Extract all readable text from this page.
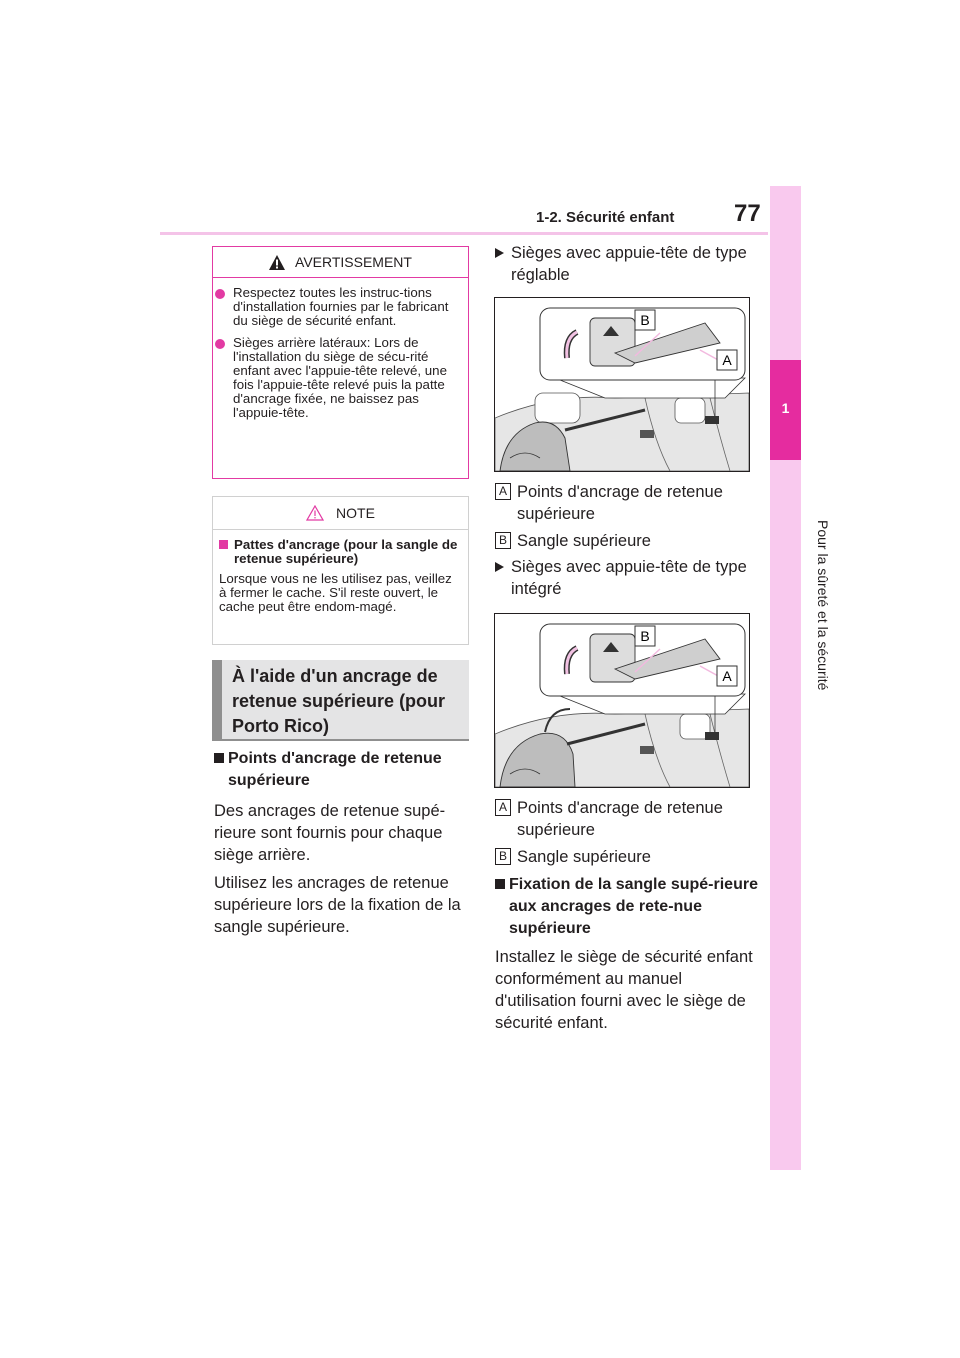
1-2. Sécurité enfant 77
1
Pour la sûreté et la sécurité
AVERTISSEMENT
Respectez toutes les instruc-tions d'installation fournies par le fabricant du siège de sécurité enfant.
Sièges arrière latéraux: Lors de l'installation du siège de sécu-rité enfant avec l'appuie-tête relevé, une fois l'appuie-tête relevé puis la patte d'ancrage fixée, ne baissez pas l'appuie-tête.
NOTE
Pattes d'ancrage (pour la sangle de retenue supérieure)
Lorsque vous ne les utilisez pas, veillez à fermer le cache. S'il reste ouvert, le cache peut être endom-magé.
À l'aide d'un ancrage de retenue supérieure (pour Porto Rico)
Points d'ancrage de retenue supérieure
Des ancrages de retenue supé-rieure sont fournis pour chaque siège arrière.
Utilisez les ancrages de retenue supérieure lors de la fixation de la sangle supérieure.
Sièges avec appuie-tête de type réglable
B
A
A Points d'ancrage de retenue supérieure
B Sangle supérieure
Sièges avec appuie-tête de type intégré
B
A
A Points d'ancrage de retenue supérieure
B Sangle supérieure
Fixation de la sangle supé-rieure aux ancrages de rete-nue supérieure
Installez le siège de sécurité enfant conformément au manuel d'utilisation fourni avec le siège de sécurité enfant.
